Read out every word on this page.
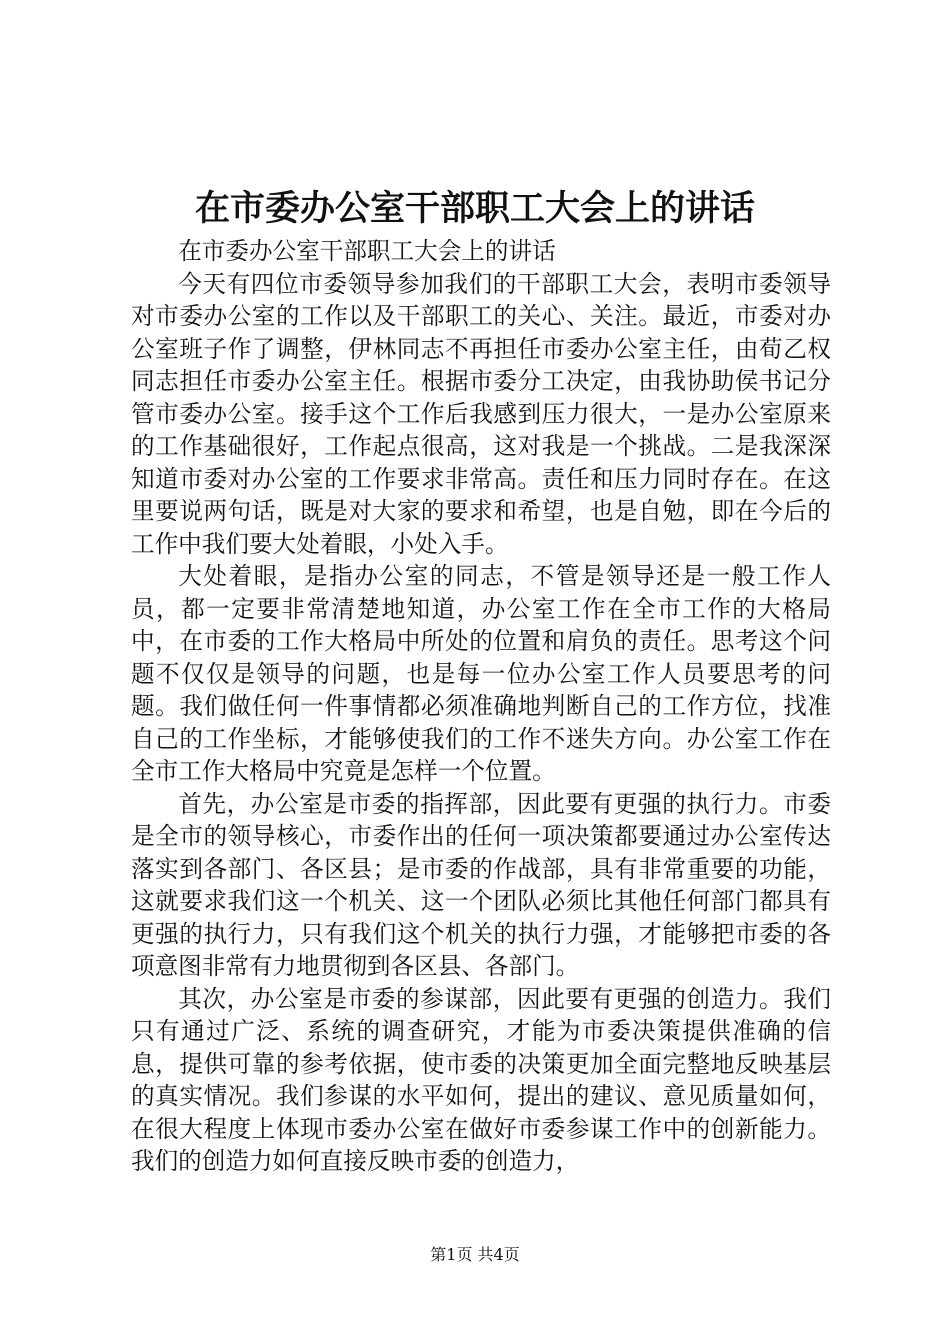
在市委办公室干部职工大会上的讲话

在市委办公室干部职工大会上的讲话

今天有四位市委领导参加我们的干部职工大会，表明市委领导对市委办公室的工作以及干部职工的关心、关注。最近，市委对办公室班子作了调整，伊林同志不再担任市委办公室主任，由荀乙权同志担任市委办公室主任。根据市委分工决定，由我协助侯书记分管市委办公室。接手这个工作后我感到压力很大，一是办公室原来的工作基础很好，工作起点很高，这对我是一个挑战。二是我深深知道市委对办公室的工作要求非常高。责任和压力同时存在。在这里要说两句话，既是对大家的要求和希望，也是自勉，即在今后的工作中我们要大处着眼，小处入手。

大处着眼，是指办公室的同志，不管是领导还是一般工作人员，都一定要非常清楚地知道，办公室工作在全市工作的大格局中，在市委的工作大格局中所处的位置和肩负的责任。思考这个问题不仅仅是领导的问题，也是每一位办公室工作人员要思考的问题。我们做任何一件事情都必须准确地判断自己的工作方位，找准自己的工作坐标，才能够使我们的工作不迷失方向。办公室工作在全市工作大格局中究竟是怎样一个位置。

首先，办公室是市委的指挥部，因此要有更强的执行力。市委是全市的领导核心，市委作出的任何一项决策都要通过办公室传达落实到各部门、各区县；是市委的作战部，具有非常重要的功能，这就要求我们这一个机关、这一个团队必须比其他任何部门都具有更强的执行力，只有我们这个机关的执行力强，才能够把市委的各项意图非常有力地贯彻到各区县、各部门。

其次，办公室是市委的参谋部，因此要有更强的创造力。我们只有通过广泛、系统的调查研究，才能为市委决策提供准确的信息，提供可靠的参考依据，使市委的决策更加全面完整地反映基层的真实情况。我们参谋的水平如何，提出的建议、意见质量如何，在很大程度上体现市委办公室在做好市委参谋工作中的创新能力。我们的创造力如何直接反映市委的创造力，

第1页 共4页
